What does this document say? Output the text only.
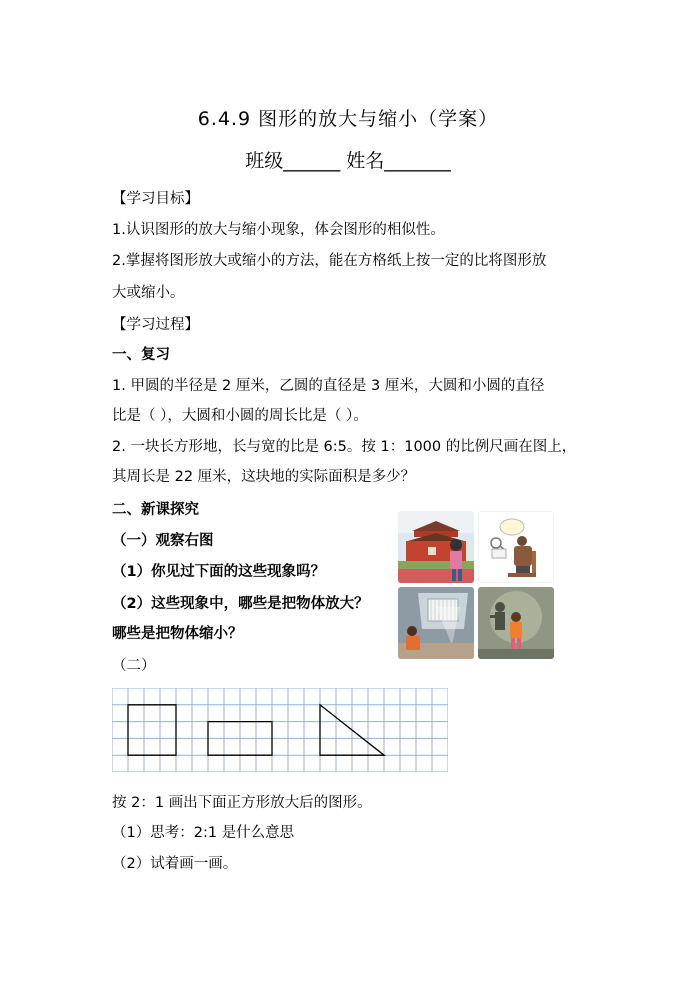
6.4.9 图形的放大与缩小（学案）
班级______ 姓名_______
【学习目标】
1.认识图形的放大与缩小现象，体会图形的相似性。
2.掌握将图形放大或缩小的方法，能在方格纸上按一定的比将图形放
大或缩小。
【学习过程】
一、复习
1. 甲圆的半径是 2 厘米，乙圆的直径是 3 厘米，大圆和小圆的直径
比是（ ），大圆和小圆的周长比是（ ）。
2. 一块长方形地，长与宽的比是 6:5。按 1：1000 的比例尺画在图上，
其周长是 22 厘米，这块地的实际面积是多少？
二、新课探究
（一）观察右图
（1）你见过下面的这些现象吗？
（2）这些现象中，哪些是把物体放大？
哪些是把物体缩小？
（二）
按 2：1 画出下面正方形放大后的图形。
（1）思考：2:1 是什么意思
（2）试着画一画。
